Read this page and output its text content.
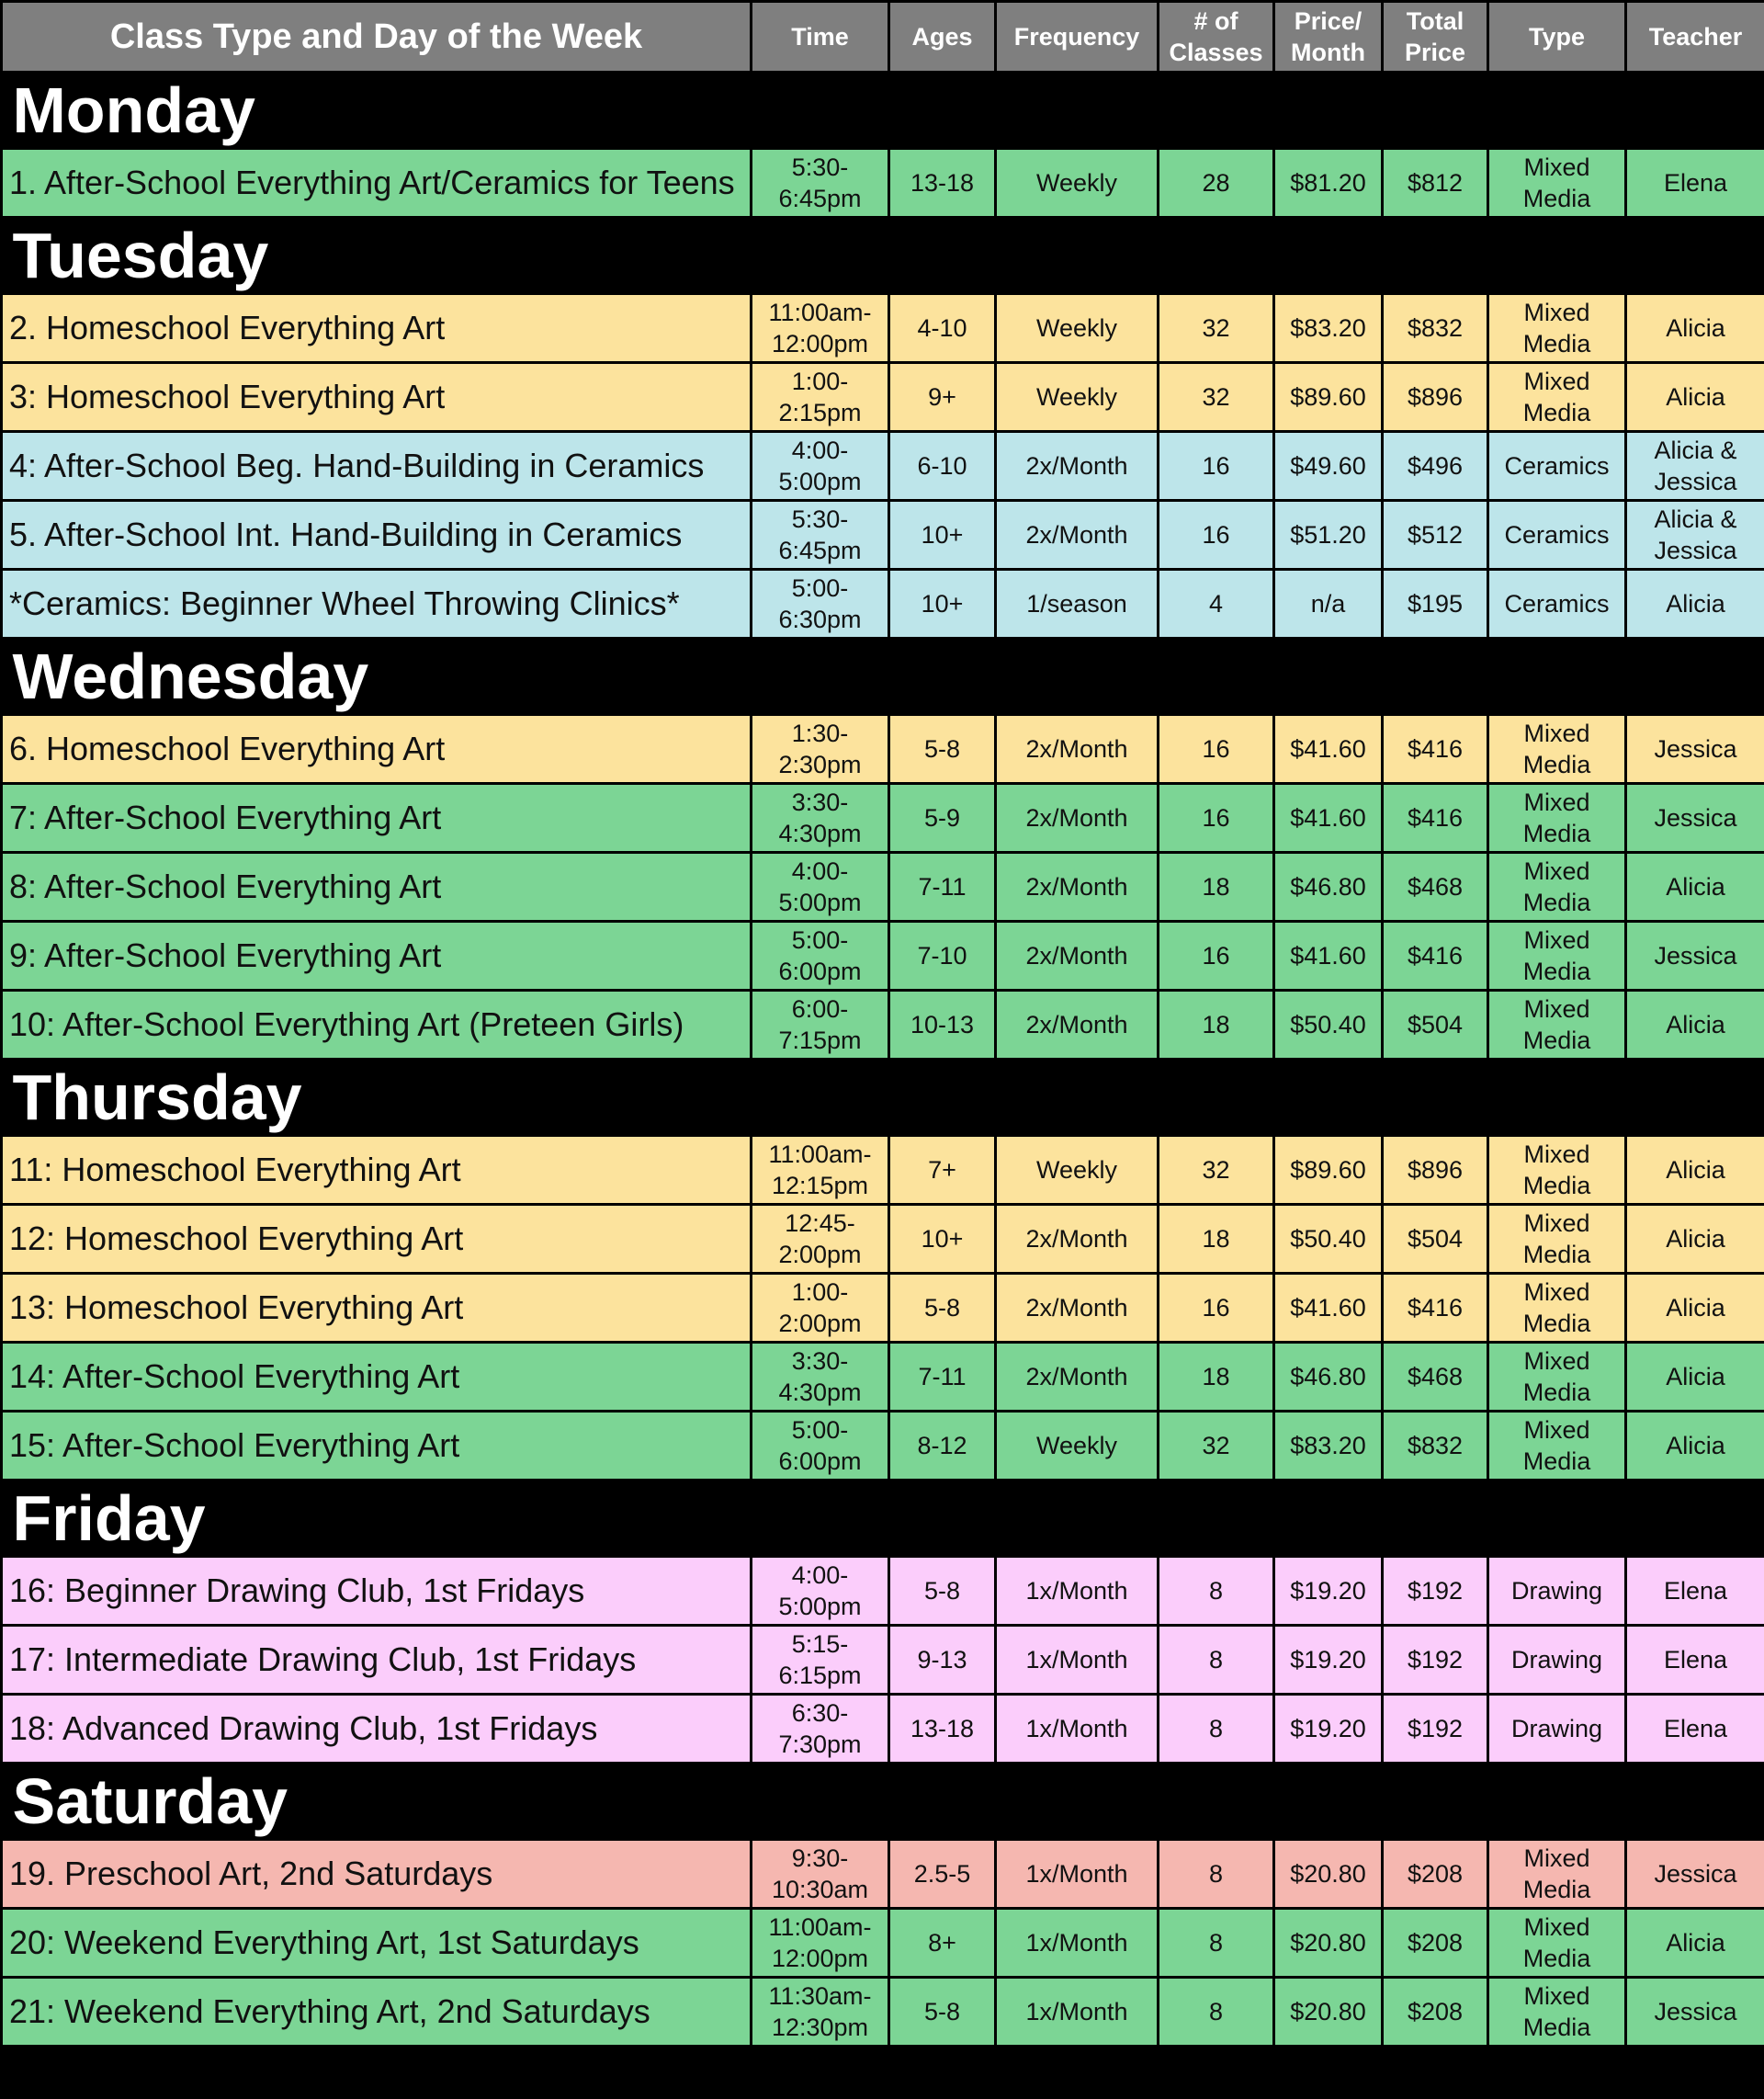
Class Type and Day of the Week	Time	Ages	Frequency	# of Classes	Price/ Month	Total Price	Type	Teacher
Monday								
1. After-School Everything Art/Ceramics for Teens	5:30-6:45pm	13-18	Weekly	28	$81.20	$812	Mixed Media	Elena
Tuesday								
2. Homeschool Everything Art	11:00am-12:00pm	4-10	Weekly	32	$83.20	$832	Mixed Media	Alicia
3: Homeschool Everything Art	1:00-2:15pm	9+	Weekly	32	$89.60	$896	Mixed Media	Alicia
4: After-School Beg. Hand-Building in Ceramics	4:00-5:00pm	6-10	2x/Month	16	$49.60	$496	Ceramics	Alicia & Jessica
5. After-School Int. Hand-Building in Ceramics	5:30-6:45pm	10+	2x/Month	16	$51.20	$512	Ceramics	Alicia & Jessica
*Ceramics: Beginner Wheel Throwing Clinics*	5:00-6:30pm	10+	1/season	4	n/a	$195	Ceramics	Alicia
Wednesday								
6. Homeschool Everything Art	1:30-2:30pm	5-8	2x/Month	16	$41.60	$416	Mixed Media	Jessica
7: After-School Everything Art	3:30-4:30pm	5-9	2x/Month	16	$41.60	$416	Mixed Media	Jessica
8: After-School Everything Art	4:00-5:00pm	7-11	2x/Month	18	$46.80	$468	Mixed Media	Alicia
9: After-School Everything Art	5:00-6:00pm	7-10	2x/Month	16	$41.60	$416	Mixed Media	Jessica
10: After-School Everything Art (Preteen Girls)	6:00-7:15pm	10-13	2x/Month	18	$50.40	$504	Mixed Media	Alicia
Thursday								
11: Homeschool Everything Art	11:00am-12:15pm	7+	Weekly	32	$89.60	$896	Mixed Media	Alicia
12: Homeschool Everything Art	12:45-2:00pm	10+	2x/Month	18	$50.40	$504	Mixed Media	Alicia
13: Homeschool Everything Art	1:00-2:00pm	5-8	2x/Month	16	$41.60	$416	Mixed Media	Alicia
14: After-School Everything Art	3:30-4:30pm	7-11	2x/Month	18	$46.80	$468	Mixed Media	Alicia
15: After-School Everything Art	5:00-6:00pm	8-12	Weekly	32	$83.20	$832	Mixed Media	Alicia
Friday								
16: Beginner Drawing Club, 1st Fridays	4:00-5:00pm	5-8	1x/Month	8	$19.20	$192	Drawing	Elena
17: Intermediate Drawing Club, 1st Fridays	5:15-6:15pm	9-13	1x/Month	8	$19.20	$192	Drawing	Elena
18: Advanced Drawing Club, 1st Fridays	6:30-7:30pm	13-18	1x/Month	8	$19.20	$192	Drawing	Elena
Saturday								
19. Preschool Art, 2nd Saturdays	9:30-10:30am	2.5-5	1x/Month	8	$20.80	$208	Mixed Media	Jessica
20: Weekend Everything Art, 1st Saturdays	11:00am-12:00pm	8+	1x/Month	8	$20.80	$208	Mixed Media	Alicia
21: Weekend Everything Art, 2nd Saturdays	11:30am-12:30pm	5-8	1x/Month	8	$20.80	$208	Mixed Media	Jessica
